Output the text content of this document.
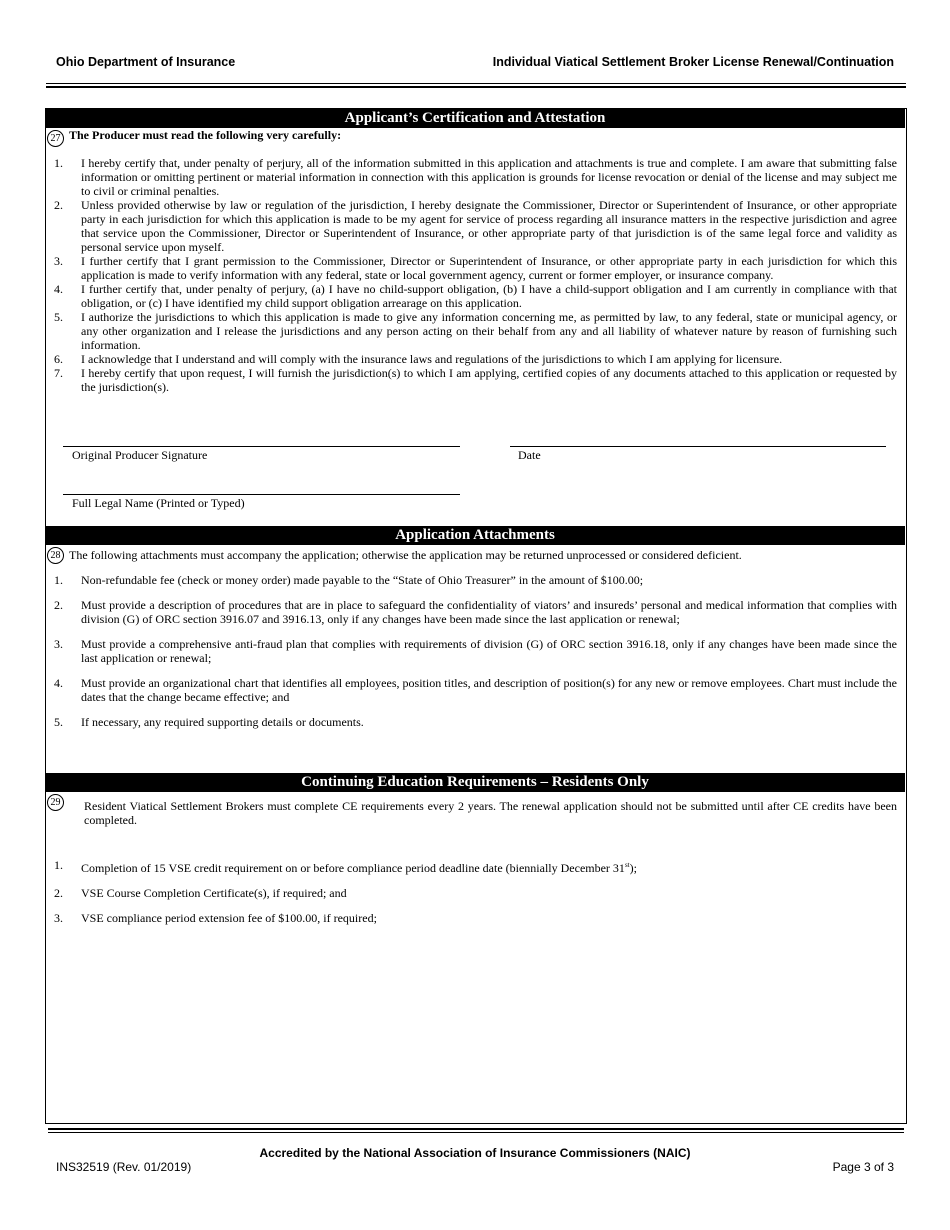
Ohio Department of Insurance	Individual Viatical Settlement Broker License Renewal/Continuation
Applicant’s Certification and Attestation
27 The Producer must read the following very carefully:
1.	I hereby certify that, under penalty of perjury, all of the information submitted in this application and attachments is true and complete. I am aware that submitting false information or omitting pertinent or material information in connection with this application is grounds for license revocation or denial of the license and may subject me to civil or criminal penalties.
2.	Unless provided otherwise by law or regulation of the jurisdiction, I hereby designate the Commissioner, Director or Superintendent of Insurance, or other appropriate party in each jurisdiction for which this application is made to be my agent for service of process regarding all insurance matters in the respective jurisdiction and agree that service upon the Commissioner, Director or Superintendent of Insurance, or other appropriate party of that jurisdiction is of the same legal force and validity as personal service upon myself.
3.	I further certify that I grant permission to the Commissioner, Director or Superintendent of Insurance, or other appropriate party in each jurisdiction for which this application is made to verify information with any federal, state or local government agency, current or former employer, or insurance company.
4.	I further certify that, under penalty of perjury, (a) I have no child-support obligation, (b) I have a child-support obligation and I am currently in compliance with that obligation, or (c) I have identified my child support obligation arrearage on this application.
5.	I authorize the jurisdictions to which this application is made to give any information concerning me, as permitted by law, to any federal, state or municipal agency, or any other organization and I release the jurisdictions and any person acting on their behalf from any and all liability of whatever nature by reason of furnishing such information.
6.	I acknowledge that I understand and will comply with the insurance laws and regulations of the jurisdictions to which I am applying for licensure.
7.	I hereby certify that upon request, I will furnish the jurisdiction(s) to which I am applying, certified copies of any documents attached to this application or requested by the jurisdiction(s).
Original Producer Signature	Date
Full Legal Name (Printed or Typed)
Application Attachments
28 The following attachments must accompany the application; otherwise the application may be returned unprocessed or considered deficient.
1.	Non-refundable fee (check or money order) made payable to the “State of Ohio Treasurer” in the amount of $100.00;
2.	Must provide a description of procedures that are in place to safeguard the confidentiality of viators’ and insureds’ personal and medical information that complies with division (G) of ORC section 3916.07 and 3916.13, only if any changes have been made since the last application or renewal;
3.	Must provide a comprehensive anti-fraud plan that complies with requirements of division (G) of ORC section 3916.18, only if any changes have been made since the last application or renewal;
4.	Must provide an organizational chart that identifies all employees, position titles, and description of position(s) for any new or remove employees. Chart must include the dates that the change became effective; and
5.	If necessary, any required supporting details or documents.
Continuing Education Requirements – Residents Only
29 Resident Viatical Settlement Brokers must complete CE requirements every 2 years. The renewal application should not be submitted until after CE credits have been completed.
1.	Completion of 15 VSE credit requirement on or before compliance period deadline date (biennially December 31st);
2.	VSE Course Completion Certificate(s), if required; and
3.	VSE compliance period extension fee of $100.00, if required;
Accredited by the National Association of Insurance Commissioners (NAIC)
INS32519 (Rev. 01/2019)	Page 3 of 3
